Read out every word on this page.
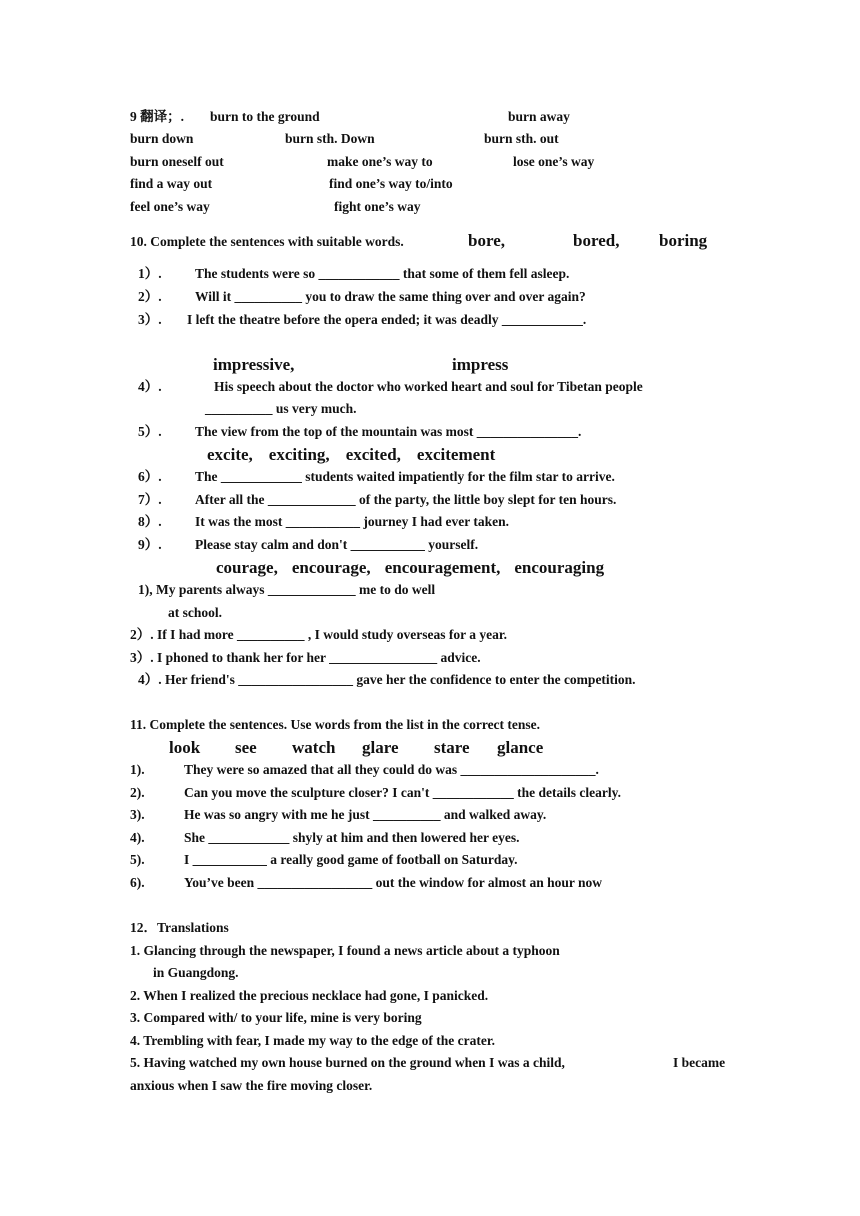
9 翻译；. burn to the ground	burn away
burn down	burn sth. Down	burn sth. out
burn oneself out	make one’s way to	lose one’s way
find a way out	find one’s way to/into
feel one’s way	fight one’s way
10. Complete the sentences with suitable words.	bore,	bored, boring
1）. The students were so ____________ that some of them fell asleep.
2）. Will it __________ you to draw the same thing over and over again?
3）. I left the theatre before the opera ended; it was deadly ____________.
impressive,	impress
4）.	His speech about the doctor who worked heart and soul for Tibetan people
__________ us very much.
5）. The view from the top of the mountain was most _______________.
excite, exciting, excited, excitement
6）. The ____________ students waited impatiently for the film star to arrive.
7）. After all the _____________ of the party, the little boy slept for ten hours.
8）. It was the most ___________ journey I had ever taken.
9）. Please stay calm and don't ___________ yourself.
courage, encourage, encouragement, encouraging
1), My parents always _____________ me to do well
at school.
2）. If I had more __________ , I would study overseas for a year.
3）. I phoned to thank her for her ________________ advice.
4）. Her friend's _________________ gave her the confidence to enter the competition.
11. Complete the sentences. Use words from the list in the correct tense.
look see watch glare stare glance
1).	They were so amazed that all they could do was ____________________.
2).	Can you move the sculpture closer? I can't ____________ the details clearly.
3).	He was so angry with me he just __________ and walked away.
4).	She ____________ shyly at him and then lowered her eyes.
5).	I ___________ a really good game of football on Saturday.
6).	You’ve been _________________ out the window for almost an hour now
12．Translations
1. Glancing through the newspaper, I found a news article about a typhoon
in Guangdong.
2. When I realized the precious necklace had gone, I panicked.
3. Compared with/ to your life, mine is very boring
4. Trembling with fear, I made my way to the edge of the crater.
5. Having watched my own house burned on the ground when I was a child,	I became
anxious when I saw the fire moving closer.
